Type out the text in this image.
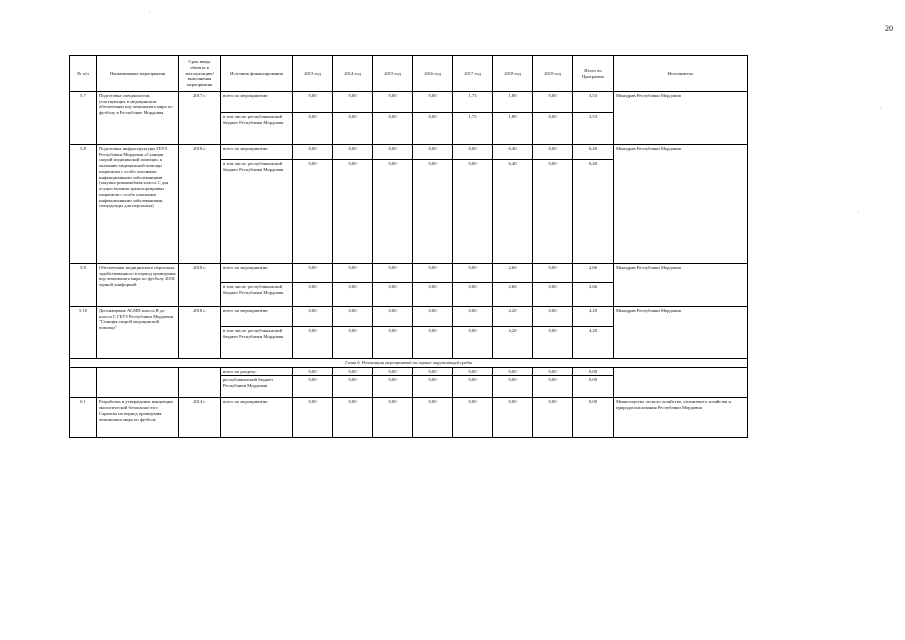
20
.
.
.
№ п/п	Наименование мероприятия	Срок ввода объекта в эксплуатацию/ выполнения мероприятия	Источник финансирования	2013 год	2014 год	2015 год	2016 год	2017 год	2018 год	2019 год	Итого по Программе	Исполнитель
5.7	Подготовка специалистов, участвующих в медицинском обеспечении игр чемпионата мира по футболу в Республике Мордовия	2017 г.	всего по мероприятию:	0,00	0,00	0,00	0,00	1,73	1,80	0,00	3,53	Минздрав Республики Мордовия
			в том числе: республиканский бюджет Республики Мордовия	0,00	0,00	0,00	0,00	1,73	1,80	0,00	3,53	
5.8	Подготовка инфраструктуры ГБУЗ Республики Мордовия «Станция скорой медицинской помощи» к оказанию медицинской помощи пациентам с особо опасными инфекционными заболеваниями (закупка реанимобиля класса С для осуществления транспортировки пациентов с особо опасными инфекционными заболеваниями, спецодежды для персонала)	2018 г.	всего по мероприятию:	0,00	0,00	0,00	0,00	0,00	6,40	0,00	6,40	Минздрав Республики Мордовия
			в том числе: республиканский бюджет Республики Мордовия	0,00	0,00	0,00	0,00	0,00	6,40	0,00	6,40	
5.9	Обеспечение медицинского персонала, задействованного в период проведения игр чемпионата мира по футболу 2018, единой униформой	2018 г.	всего по мероприятию:	0,00	0,00	0,00	0,00	0,00	2,66	0,00	2,66	Минздрав Республики Мордовия
			в том числе: республиканский бюджет Республики Мордовия	0,00	0,00	0,00	0,00	0,00	2,66	0,00	2,66	
5.10	Дооснащение АСМП класса В до класса С ГБУЗ Республики Мордовия "Станция скорой медицинской помощи"	2018 г.	всего по мероприятию:	0,00	0,00	0,00	0,00	0,00	4,20	0,00	4,20	Минздрав Республики Мордовия
			в том числе: республиканский бюджет Республики Мордовия	0,00	0,00	0,00	0,00	0,00	4,20	0,00	4,20	
Глава 6. Реализация мероприятий по охране окружающей среды												
			всего по разделу:	0,00	0,00	0,00	0,00	0,00	0,00	0,00	0,00	
			республиканский бюджет Республики Мордовия	0,00	0,00	0,00	0,00	0,00	0,00	0,00	0,00	
6.1	Разработка и утверждение концепции экологической безопасности г. Саранска на период проведения чемпионата мира по футболу	2014 г.	всего по мероприятию:	0,00	0,00	0,00	0,00	0,00	0,00	0,00	0,00	Министерство лесного хозяйства, охотничьего хозяйства и природопользования Республики Мордовия
